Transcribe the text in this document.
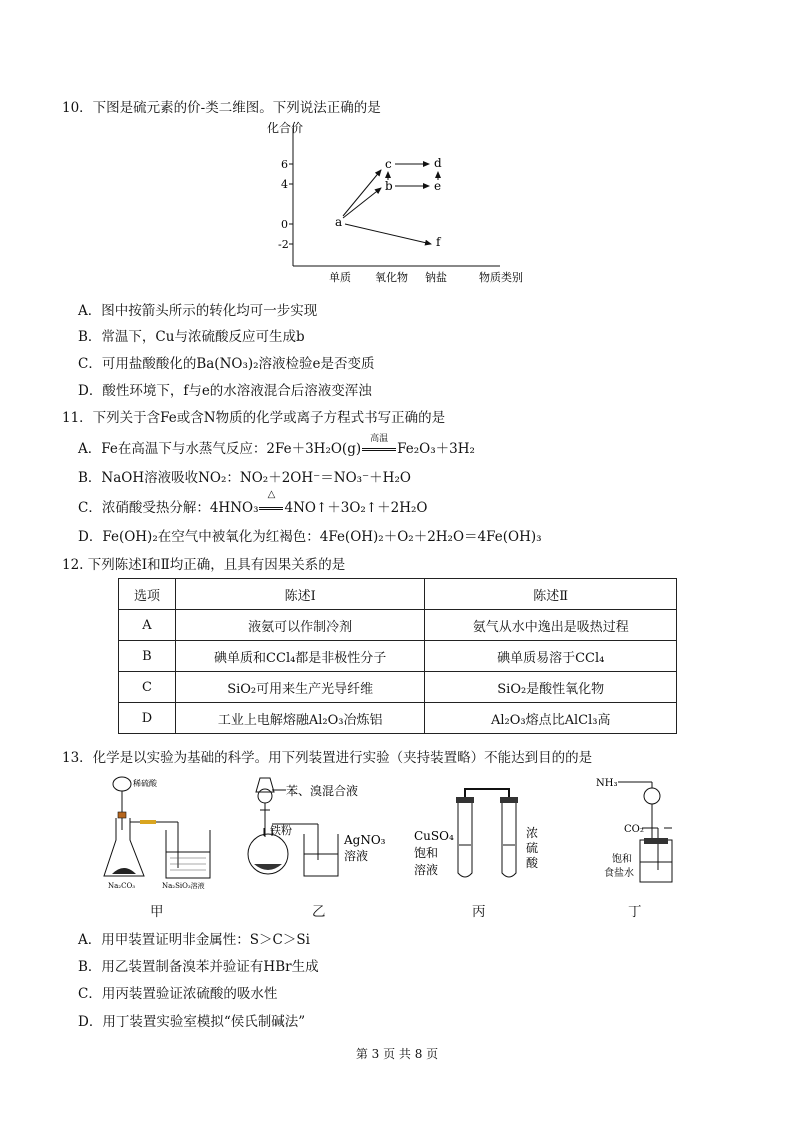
10．下图是硫元素的价-类二维图。下列说法正确的是
化合价
6
4
0
-2
单质 氧化物 钠盐	物质类别
a
b
c	d
e
f
A．图中按箭头所示的转化均可一步实现
B．常温下，Cu与浓硫酸反应可生成b
C．可用盐酸酸化的Ba(NO₃)₂溶液检验e是否变质
D．酸性环境下，f与e的水溶液混合后溶液变浑浊
11．下列关于含Fe或含N物质的化学或离子方程式书写正确的是
A．Fe在高温下与水蒸气反应：2Fe＋3H₂O(g)
高温
Fe₂O₃＋3H₂
B．NaOH溶液吸收NO₂：NO₂＋2OH⁻＝NO₃⁻＋H₂O
C．浓硝酸受热分解：4HNO₃
△
4NO↑＋3O₂↑＋2H₂O
D．Fe(OH)₂在空气中被氧化为红褐色：4Fe(OH)₂＋O₂＋2H₂O＝4Fe(OH)₃
12. 下列陈述Ⅰ和Ⅱ均正确，且具有因果关系的是
选项	陈述Ⅰ	陈述Ⅱ
A	液氨可以作制冷剂	氨气从水中逸出是吸热过程
B	碘单质和CCl₄都是非极性分子	碘单质易溶于CCl₄
C	SiO₂可用来生产光导纤维	SiO₂是酸性氧化物
D	工业上电解熔融Al₂O₃冶炼铝	Al₂O₃熔点比AlCl₃高
13．化学是以实验为基础的科学。用下列装置进行实验（夹持装置略）不能达到目的的是
稀硫酸
Na₂CO₃	Na₂SiO₃溶液
甲
苯、溴混合液
铁粉
AgNO₃
溶液
乙
CuSO₄
饱和
溶液
浓
硫
酸
丙
NH₃
CO₂
饱和
食盐水
丁
A．用甲装置证明非金属性：S＞C＞Si
B．用乙装置制备溴苯并验证有HBr生成
C．用丙装置验证浓硫酸的吸水性
D．用丁装置实验室模拟“侯氏制碱法”
第 3 页 共 8 页
